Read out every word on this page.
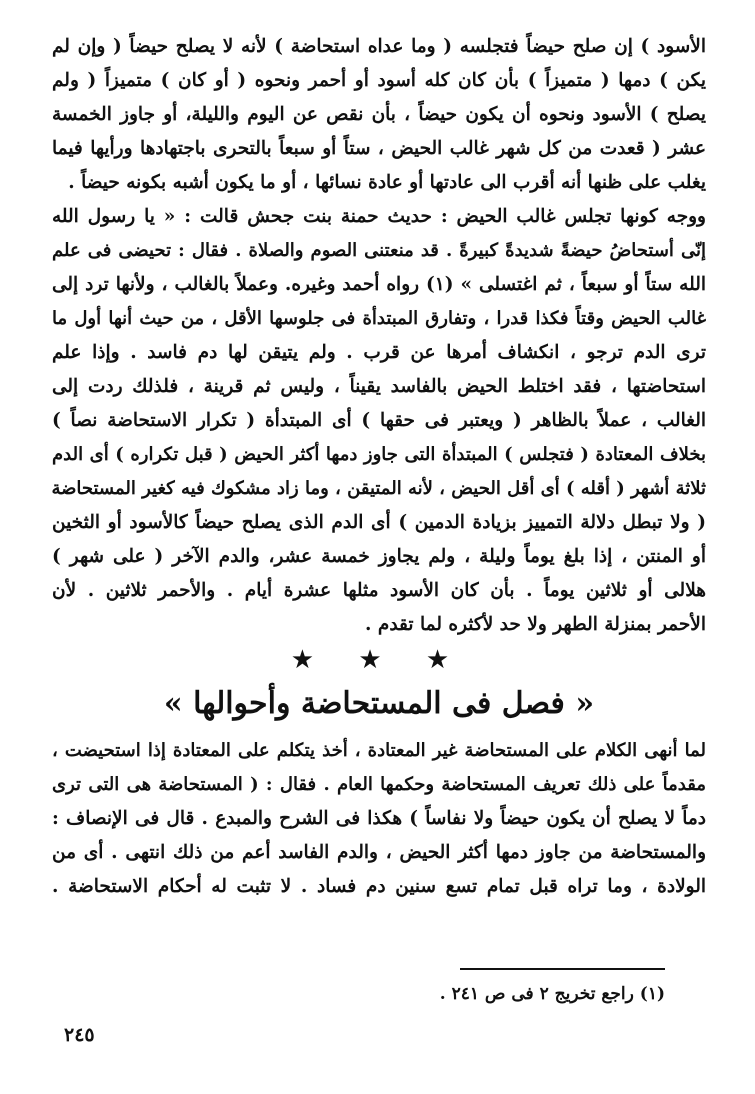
الأسود ) إن صلح حيضاً فتجلسه ( وما عداه استحاضة ) لأنه لا يصلح حيضاً ( وإن لم
يكن ) دمها ( متميزاً ) بأن كان كله أسود أو أحمر ونحوه ( أو كان ) متميزاً ( ولم
يصلح ) الأسود ونحوه أن يكون حيضاً ، بأن نقص عن اليوم والليلة، أو جاوز الخمسة
عشر ( قعدت من كل شهر غالب الحيض ، ستاً أو سبعاً بالتحرى باجتهادها ورأيها فيما
يغلب على ظنها أنه أقرب الى عادتها أو عادة نسائها ، أو ما يكون أشبه بكونه حيضاً .
ووجه كونها تجلس غالب الحيض : حديث حمنة بنت جحش قالت : « يا رسول الله
إنّى أستحاضُ حيضةً شديدةً كبيرةً . قد منعتنى الصوم والصلاة . فقال : تحيضى فى علم
الله ستاً أو سبعاً ، ثم اغتسلى » (١) رواه أحمد وغيره. وعملاً بالغالب ، ولأنها ترد إلى
غالب الحيض وقتاً فكذا قدرا ، وتفارق المبتدأة فى جلوسها الأقل ، من حيث أنها أول ما
ترى الدم ترجو ، انكشاف أمرها عن قرب . ولم يتيقن لها دم فاسد . وإذا علم
استحاضتها ، فقد اختلط الحيض بالفاسد يقيناً ، وليس ثم قرينة ، فلذلك ردت إلى
الغالب ، عملاً بالظاهر ( ويعتبر فى حقها ) أى المبتدأة ( تكرار الاستحاضة نصاً )
بخلاف المعتادة ( فتجلس ) المبتدأة التى جاوز دمها أكثر الحيض ( قبل تكراره ) أى الدم
ثلاثة أشهر ( أقله ) أى أقل الحيض ، لأنه المتيقن ، وما زاد مشكوك فيه كغير المستحاضة
( ولا تبطل دلالة التمييز بزيادة الدمين ) أى الدم الذى يصلح حيضاً كالأسود أو الثخين
أو المنتن ، إذا بلغ يوماً وليلة ، ولم يجاوز خمسة عشر، والدم الآخر ( على شهر )
هلالى أو ثلاثين يوماً . بأن كان الأسود مثلها عشرة أيام . والأحمر ثلاثين . لأن
الأحمر بمنزلة الطهر ولا حد لأكثره لما تقدم .
★ ★ ★
« فصل فى المستحاضة وأحوالها »
لما أنهى الكلام على المستحاضة غير المعتادة ، أخذ يتكلم على المعتادة إذا استحيضت ،
مقدماً على ذلك تعريف المستحاضة وحكمها العام . فقال : ( المستحاضة هى التى ترى
دماً لا يصلح أن يكون حيضاً ولا نفاساً ) هكذا فى الشرح والمبدع . قال فى الإنصاف :
والمستحاضة من جاوز دمها أكثر الحيض ، والدم الفاسد أعم من ذلك انتهى . أى من
الولادة ، وما تراه قبل تمام تسع سنين دم فساد . لا تثبت له أحكام الاستحاضة .
(١) راجع تخريج ٢ فى ص ٢٤١ .
٢٤٥
